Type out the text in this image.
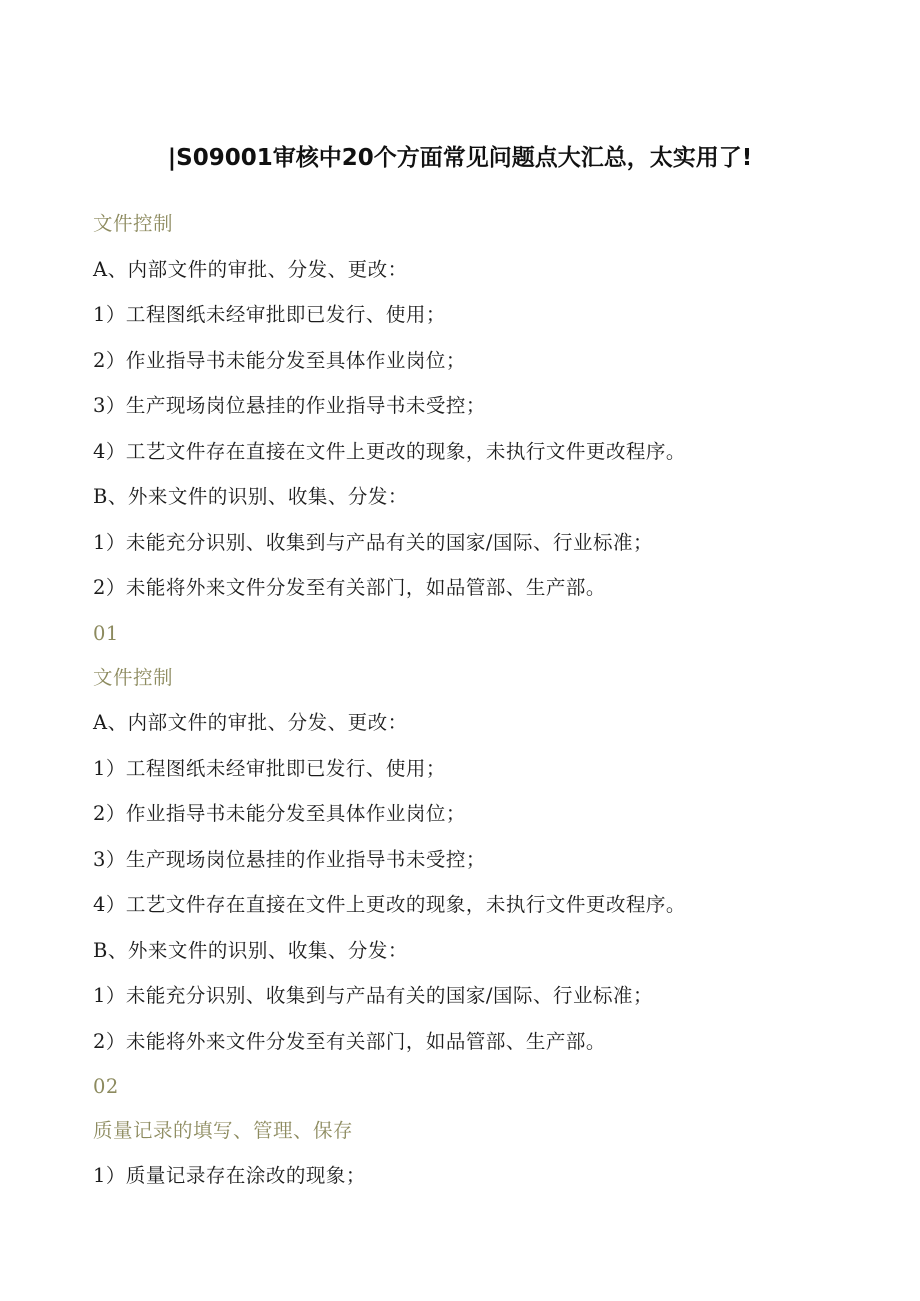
|S09001审核中20个方面常见问题点大汇总，太实用了!

文件控制

A、内部文件的审批、分发、更改：

1）工程图纸未经审批即已发行、使用；

2）作业指导书未能分发至具体作业岗位；

3）生产现场岗位悬挂的作业指导书未受控；

4）工艺文件存在直接在文件上更改的现象，未执行文件更改程序。

B、外来文件的识别、收集、分发：

1）未能充分识别、收集到与产品有关的国家/国际、行业标准；

2）未能将外来文件分发至有关部门，如品管部、生产部。

01

文件控制

A、内部文件的审批、分发、更改：

1）工程图纸未经审批即已发行、使用；

2）作业指导书未能分发至具体作业岗位；

3）生产现场岗位悬挂的作业指导书未受控；

4）工艺文件存在直接在文件上更改的现象，未执行文件更改程序。

B、外来文件的识别、收集、分发：

1）未能充分识别、收集到与产品有关的国家/国际、行业标准；

2）未能将外来文件分发至有关部门，如品管部、生产部。

02

质量记录的填写、管理、保存

1）质量记录存在涂改的现象；
